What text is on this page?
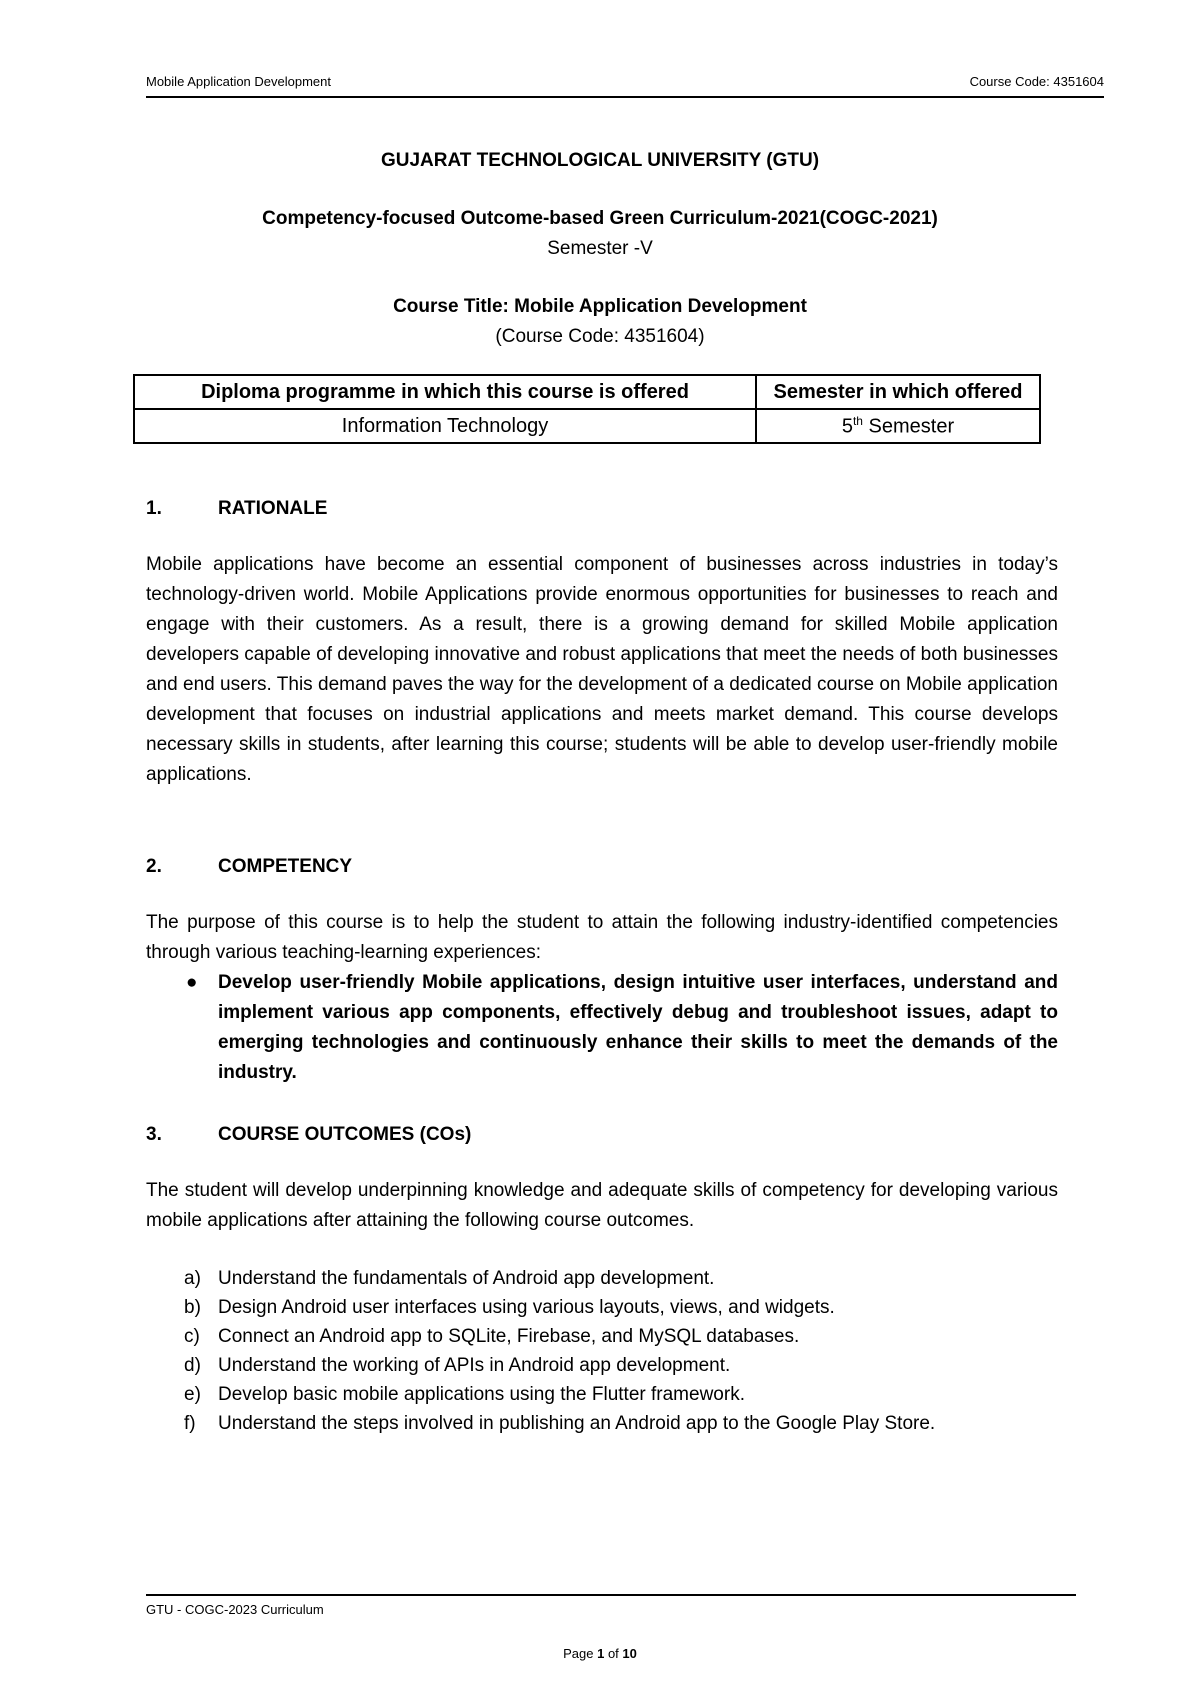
Mobile Application Development	Course Code: 4351604
GUJARAT TECHNOLOGICAL UNIVERSITY (GTU)
Competency-focused Outcome-based Green Curriculum-2021(COGC-2021)
Semester -V
Course Title: Mobile Application Development
(Course Code: 4351604)
Diploma programme in which this course is offered	Semester in which offered
Information Technology	5th Semester
1.	RATIONALE
Mobile applications have become an essential component of businesses across industries in today’s technology-driven world. Mobile Applications provide enormous opportunities for businesses to reach and engage with their customers. As a result, there is a growing demand for skilled Mobile application developers capable of developing innovative and robust applications that meet the needs of both businesses and end users. This demand paves the way for the development of a dedicated course on Mobile application development that focuses on industrial applications and meets market demand. This course develops necessary skills in students, after learning this course; students will be able to develop user-friendly mobile applications.
2.	COMPETENCY
The purpose of this course is to help the student to attain the following industry-identified competencies through various teaching-learning experiences:
● Develop user-friendly Mobile applications, design intuitive user interfaces, understand and implement various app components, effectively debug and troubleshoot issues, adapt to emerging technologies and continuously enhance their skills to meet the demands of the industry.
3.	COURSE OUTCOMES (COs)
The student will develop underpinning knowledge and adequate skills of competency for developing various mobile applications after attaining the following course outcomes.
a) Understand the fundamentals of Android app development.
b) Design Android user interfaces using various layouts, views, and widgets.
c) Connect an Android app to SQLite, Firebase, and MySQL databases.
d) Understand the working of APIs in Android app development.
e) Develop basic mobile applications using the Flutter framework.
f) Understand the steps involved in publishing an Android app to the Google Play Store.
GTU - COGC-2023 Curriculum
Page 1 of 10
